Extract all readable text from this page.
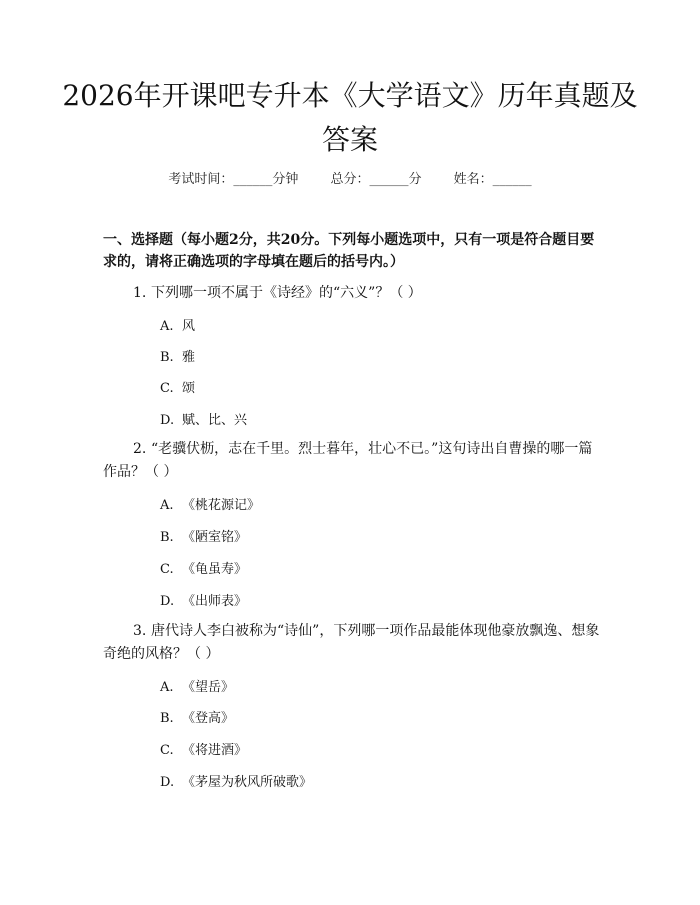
2026年开课吧专升本《大学语文》历年真题及答案
考试时间：______分钟 总分：______分 姓名：______
一、选择题（每小题2分，共20分。下列每小题选项中，只有一项是符合题目要求的，请将正确选项的字母填在题后的括号内。）
1. 下列哪一项不属于《诗经》的“六义”？（ ）
A. 风
B. 雅
C. 颂
D. 赋、比、兴
2. “老骥伏枥，志在千里。烈士暮年，壮心不已。”这句诗出自曹操的哪一篇作品？（ ）
A. 《桃花源记》
B. 《陋室铭》
C. 《龟虽寿》
D. 《出师表》
3. 唐代诗人李白被称为“诗仙”，下列哪一项作品最能体现他豪放飘逸、想象奇绝的风格？（ ）
A. 《望岳》
B. 《登高》
C. 《将进酒》
D. 《茅屋为秋风所破歌》
